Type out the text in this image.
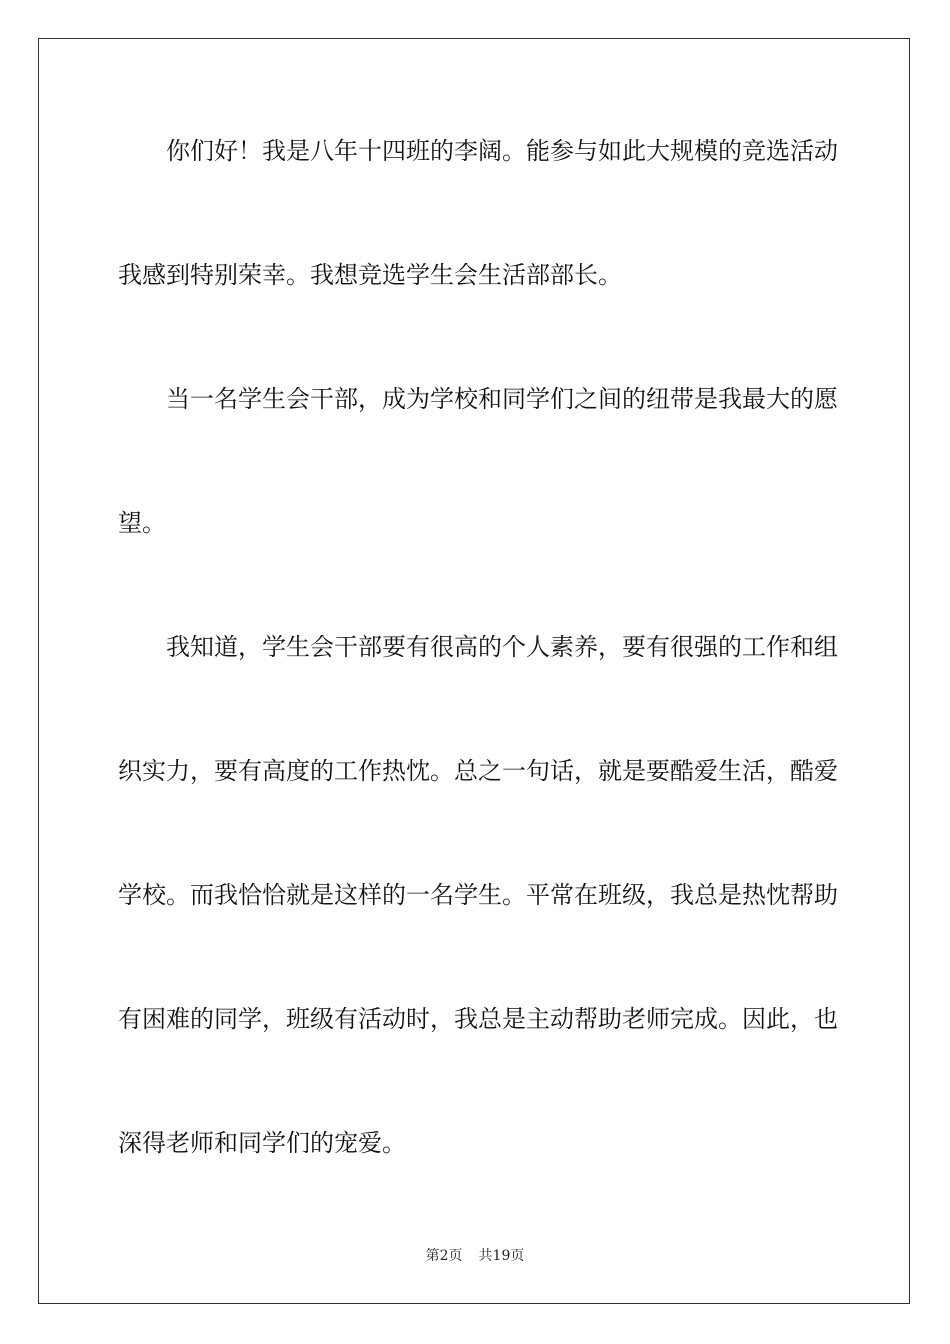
你们好！我是八年十四班的李阔。能参与如此大规模的竞选活动
我感到特别荣幸。我想竞选学生会生活部部长。
当一名学生会干部，成为学校和同学们之间的纽带是我最大的愿
望。
我知道，学生会干部要有很高的个人素养，要有很强的工作和组
织实力，要有高度的工作热忱。总之一句话，就是要酷爱生活，酷爱
学校。而我恰恰就是这样的一名学生。平常在班级，我总是热忱帮助
有困难的同学，班级有活动时，我总是主动帮助老师完成。因此，也
深得老师和同学们的宠爱。
第2页 共19页
